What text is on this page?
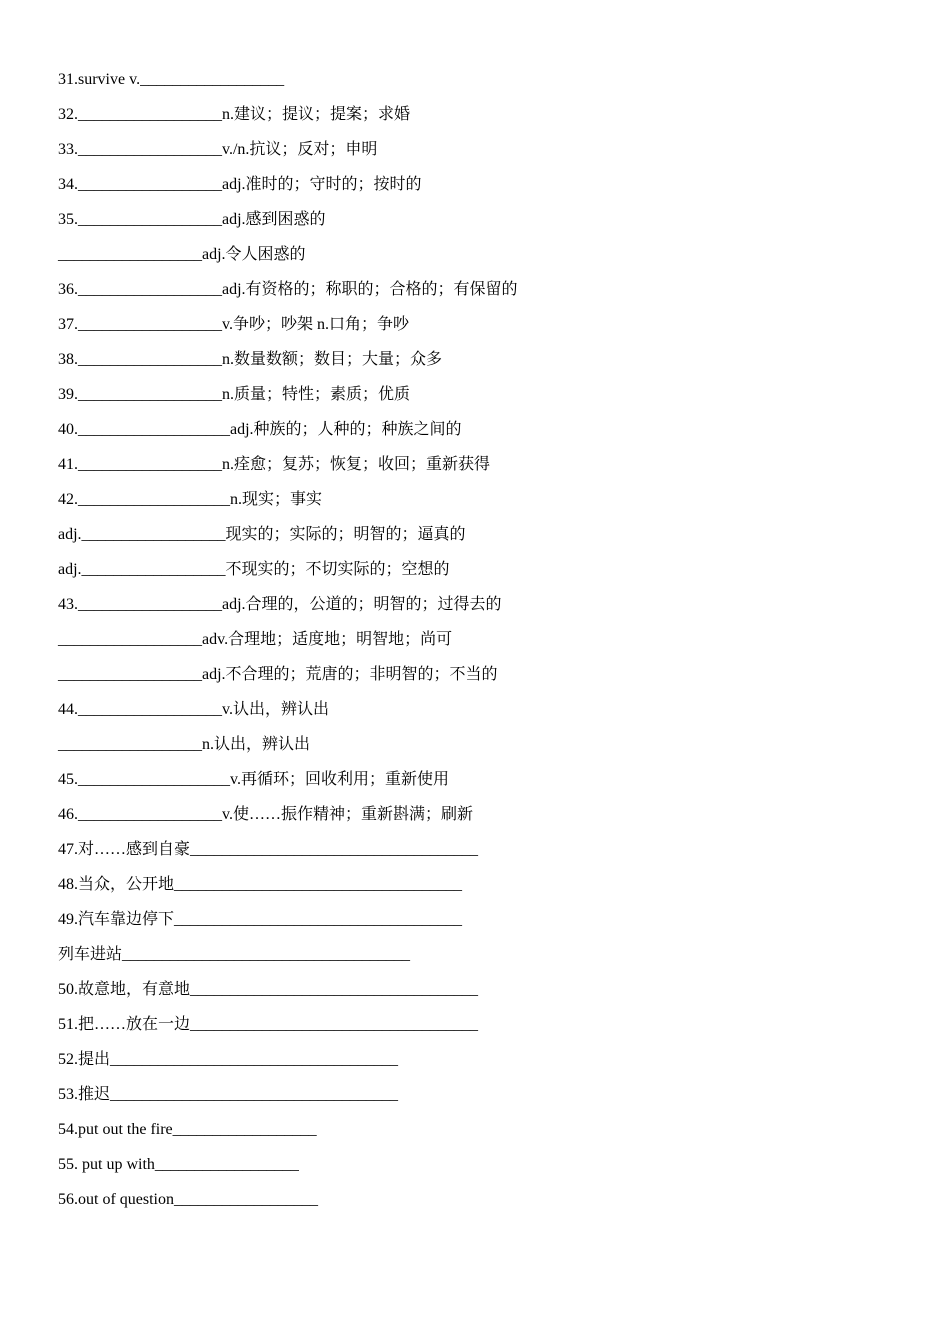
31.survive v.__________________
32.__________________n.建议；提议；提案；求婚
33.__________________v./n.抗议；反对；申明
34.__________________adj.准时的；守时的；按时的
35.__________________adj.感到困惑的
__________________adj.令人困惑的
36.__________________adj.有资格的；称职的；合格的；有保留的
37.__________________v.争吵；吵架 n.口角；争吵
38.__________________n.数量数额；数目；大量；众多
39.__________________n.质量；特性；素质；优质
40.___________________adj.种族的；人种的；种族之间的
41.__________________n.痊愈；复苏；恢复；收回；重新获得
42.___________________n.现实；事实
adj.__________________现实的；实际的；明智的；逼真的
adj.__________________不现实的；不切实际的；空想的
43.__________________adj.合理的，公道的；明智的；过得去的
__________________adv.合理地；适度地；明智地；尚可
__________________adj.不合理的；荒唐的；非明智的；不当的
44.__________________v.认出，辨认出
__________________n.认出，辨认出
45.___________________v.再循环；回收利用；重新使用
46.__________________v.使……振作精神；重新斟满；刷新
47.对……感到自豪____________________________________
48.当众，公开地____________________________________
49.汽车靠边停下____________________________________
列车进站____________________________________
50.故意地，有意地____________________________________
51.把……放在一边____________________________________
52.提出____________________________________
53.推迟____________________________________
54.put out the fire__________________
55. put up with__________________
56.out of question__________________
